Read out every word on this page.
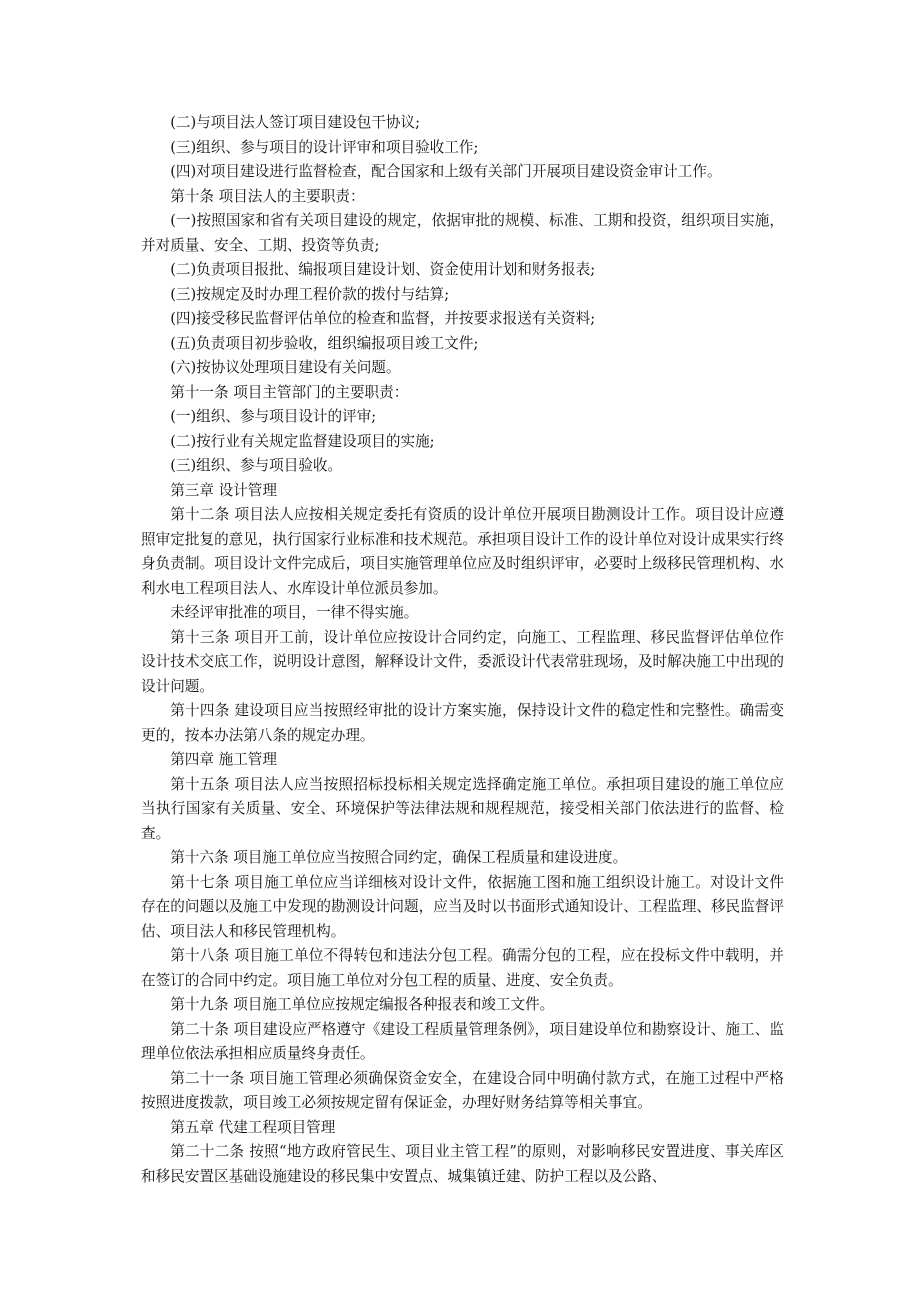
(二)与项目法人签订项目建设包干协议;

(三)组织、参与项目的设计评审和项目验收工作;

(四)对项目建设进行监督检查，配合国家和上级有关部门开展项目建设资金审计工作。

第十条 项目法人的主要职责：

(一)按照国家和省有关项目建设的规定，依据审批的规模、标准、工期和投资，组织项目实施，并对质量、安全、工期、投资等负责;

(二)负责项目报批、编报项目建设计划、资金使用计划和财务报表;

(三)按规定及时办理工程价款的拨付与结算;

(四)接受移民监督评估单位的检查和监督，并按要求报送有关资料;

(五)负责项目初步验收，组织编报项目竣工文件;

(六)按协议处理项目建设有关问题。

第十一条 项目主管部门的主要职责：

(一)组织、参与项目设计的评审;

(二)按行业有关规定监督建设项目的实施;

(三)组织、参与项目验收。

第三章 设计管理

第十二条 项目法人应按相关规定委托有资质的设计单位开展项目勘测设计工作。项目设计应遵照审定批复的意见，执行国家行业标准和技术规范。承担项目设计工作的设计单位对设计成果实行终身负责制。项目设计文件完成后，项目实施管理单位应及时组织评审，必要时上级移民管理机构、水利水电工程项目法人、水库设计单位派员参加。

未经评审批准的项目，一律不得实施。

第十三条 项目开工前，设计单位应按设计合同约定，向施工、工程监理、移民监督评估单位作设计技术交底工作，说明设计意图，解释设计文件，委派设计代表常驻现场，及时解决施工中出现的设计问题。

第十四条 建设项目应当按照经审批的设计方案实施，保持设计文件的稳定性和完整性。确需变更的，按本办法第八条的规定办理。

第四章 施工管理

第十五条 项目法人应当按照招标投标相关规定选择确定施工单位。承担项目建设的施工单位应当执行国家有关质量、安全、环境保护等法律法规和规程规范，接受相关部门依法进行的监督、检查。

第十六条 项目施工单位应当按照合同约定，确保工程质量和建设进度。

第十七条 项目施工单位应当详细核对设计文件，依据施工图和施工组织设计施工。对设计文件存在的问题以及施工中发现的勘测设计问题，应当及时以书面形式通知设计、工程监理、移民监督评估、项目法人和移民管理机构。

第十八条 项目施工单位不得转包和违法分包工程。确需分包的工程，应在投标文件中载明，并在签订的合同中约定。项目施工单位对分包工程的质量、进度、安全负责。

第十九条 项目施工单位应按规定编报各种报表和竣工文件。

第二十条 项目建设应严格遵守《建设工程质量管理条例》，项目建设单位和勘察设计、施工、监理单位依法承担相应质量终身责任。

第二十一条 项目施工管理必须确保资金安全，在建设合同中明确付款方式，在施工过程中严格按照进度拨款，项目竣工必须按规定留有保证金，办理好财务结算等相关事宜。

第五章 代建工程项目管理

第二十二条 按照“地方政府管民生、项目业主管工程”的原则，对影响移民安置进度、事关库区和移民安置区基础设施建设的移民集中安置点、城集镇迁建、防护工程以及公路、
